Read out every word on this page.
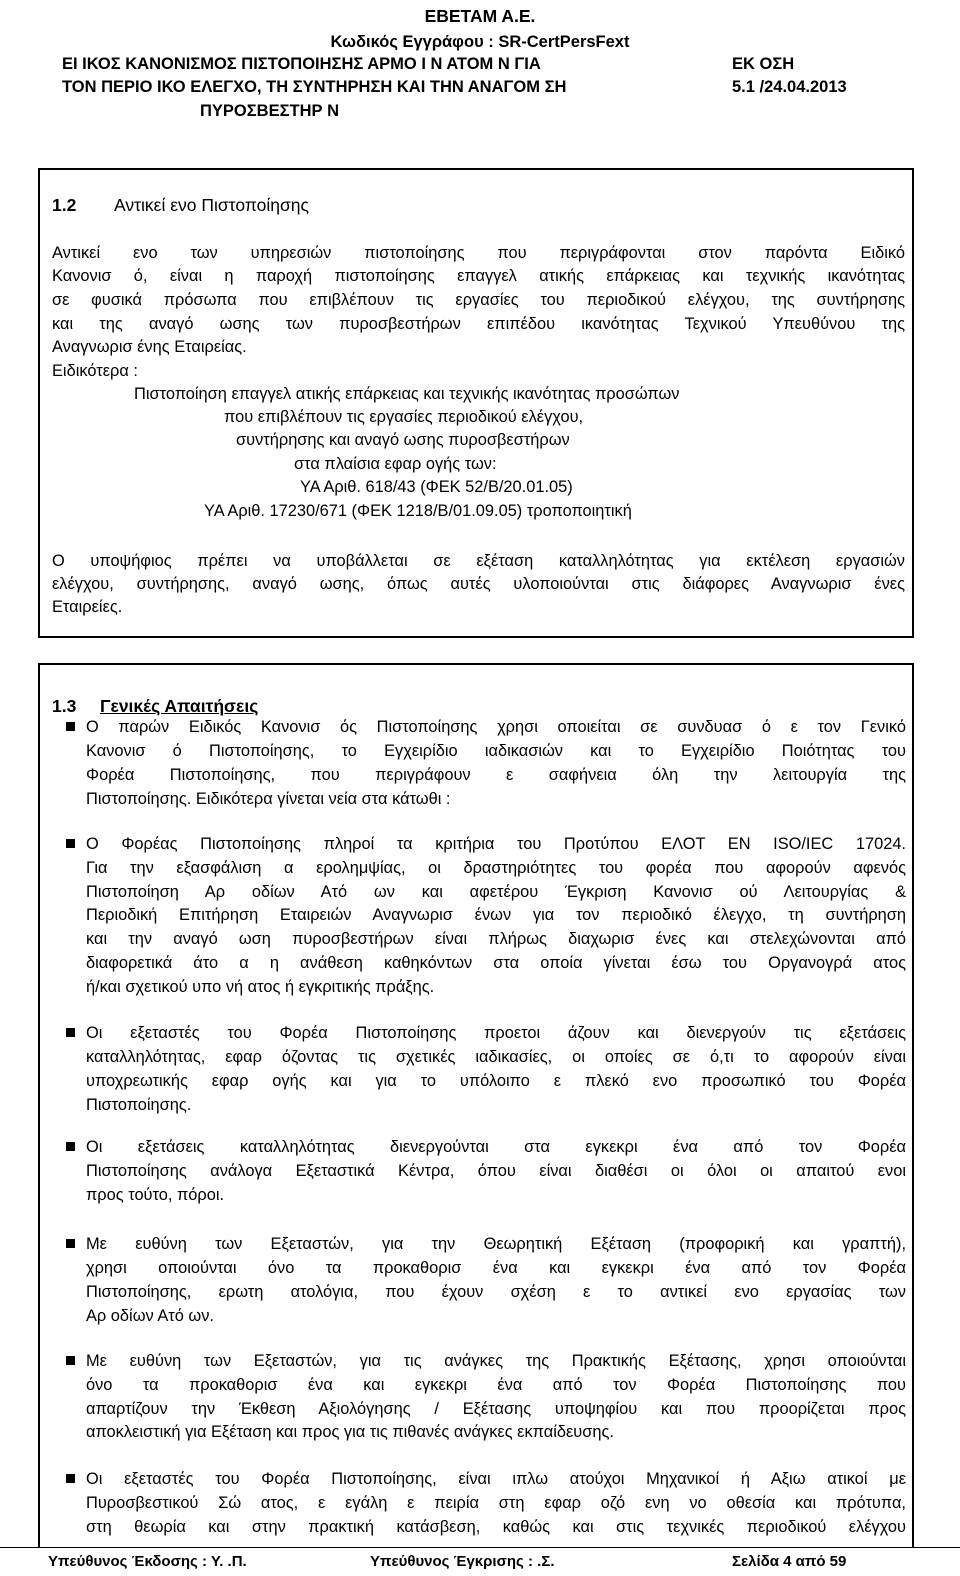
ΕΒΕΤΑΜ Α.Ε.
Κωδικός Εγγράφου : SR-CertPersFext
ΕΙ ΙΚΟΣ ΚΑΝΟΝΙΣΜΟΣ ΠΙΣΤΟΠΟΙΗΣΗΣ ΑΡΜΟ Ι Ν ΑΤΟΜ Ν ΓΙΑ
ΤΟΝ ΠΕΡΙΟ ΙΚΟ ΕΛΕΓΧΟ, ΤΗ ΣΥΝΤΗΡΗΣΗ ΚΑΙ ΤΗΝ ΑΝΑΓΟΜ ΣΗ
ΠΥΡΟΣΒΕΣΤΗΡ Ν
ΕΚ ΟΣΗ
5.1 /24.04.2013
1.2 Αντικεί ενο Πιστοποίησης
Αντικεί ενο των υπηρεσιών πιστοποίησης που περιγράφονται στον παρόντα Ειδικό
Κανονισ ό, είναι η παροχή πιστοποίησης επαγγελ ατικής επάρκειας και τεχνικής ικανότητας
σε φυσικά πρόσωπα που επιβλέπουν τις εργασίες του περιοδικού ελέγχου, της συντήρησης
και της αναγό ωσης των πυροσβεστήρων επιπέδου ικανότητας Τεχνικού Υπευθύνου της
Αναγνωρισ ένης Εταιρείας.
Ειδικότερα :
Πιστοποίηση επαγγελ ατικής επάρκειας και τεχνικής ικανότητας προσώπων
που επιβλέπουν τις εργασίες περιοδικού ελέγχου,
συντήρησης και αναγό ωσης πυροσβεστήρων
στα πλαίσια εφαρ ογής των:
ΥΑ Αριθ. 618/43 (ΦΕΚ 52/Β/20.01.05)
ΥΑ Αριθ. 17230/671 (ΦΕΚ 1218/Β/01.09.05) τροποποιητική
Ο υποψήφιος πρέπει να υποβάλλεται σε εξέταση καταλληλότητας για εκτέλεση εργασιών
ελέγχου, συντήρησης, αναγό ωσης, όπως αυτές υλοποιούνται στις διάφορες Αναγνωρισ ένες
Εταιρείες.
1.3 Γενικές Απαιτήσεις
Ο παρών Ειδικός Κανονισ ός Πιστοποίησης χρησι οποιείται σε συνδυασ ό ε τον Γενικό
Κανονισ ό Πιστοποίησης, το Εγχειρίδιο ιαδικασιών και το Εγχειρίδιο Ποιότητας του
Φορέα Πιστοποίησης, που περιγράφουν ε σαφήνεια όλη την λειτουργία της
Πιστοποίησης. Ειδικότερα γίνεται νεία στα κάτωθι :
Ο Φορέας Πιστοποίησης πληροί τα κριτήρια του Προτύπου ΕΛΟΤ ΕΝ ISO/IEC 17024.
Για την εξασφάλιση α ερολημψίας, οι δραστηριότητες του φορέα που αφορούν αφενός
Πιστοποίηση Αρ οδίων Ατό ων και αφετέρου Έγκριση Κανονισ ού Λειτουργίας &
Περιοδική Επιτήρηση Εταιρειών Αναγνωρισ ένων για τον περιοδικό έλεγχο, τη συντήρηση
και την αναγό ωση πυροσβεστήρων είναι πλήρως διαχωρισ ένες και στελεχώνονται από
διαφορετικά άτο α η ανάθεση καθηκόντων στα οποία γίνεται έσω του Οργανογρά ατος
ή/και σχετικού υπο νή ατος ή εγκριτικής πράξης.
Οι εξεταστές του Φορέα Πιστοποίησης προετοι άζουν και διενεργούν τις εξετάσεις
καταλληλότητας, εφαρ όζοντας τις σχετικές ιαδικασίες, οι οποίες σε ό,τι το αφορούν είναι
υποχρεωτικής εφαρ ογής και για το υπόλοιπο ε πλεκό ενο προσωπικό του Φορέα
Πιστοποίησης.
Οι εξετάσεις καταλληλότητας διενεργούνται στα εγκεκρι ένα από τον Φορέα
Πιστοποίησης ανάλογα Εξεταστικά Κέντρα, όπου είναι διαθέσι οι όλοι οι απαιτού ενοι
προς τούτο, πόροι.
Με ευθύνη των Εξεταστών, για την Θεωρητική Εξέταση (προφορική και γραπτή),
χρησι οποιούνται όνο τα προκαθορισ ένα και εγκεκρι ένα από τον Φορέα
Πιστοποίησης, ερωτη ατολόγια, που έχουν σχέση ε το αντικεί ενο εργασίας των
Αρ οδίων Ατό ων.
Με ευθύνη των Εξεταστών, για τις ανάγκες της Πρακτικής Εξέτασης, χρησι οποιούνται
όνο τα προκαθορισ ένα και εγκεκρι ένα από τον Φορέα Πιστοποίησης που
απαρτίζουν την Έκθεση Αξιολόγησης / Εξέτασης υποψηφίου και που προορίζεται προς
αποκλειστική για Εξέταση και προς για τις πιθανές ανάγκες εκπαίδευσης.
Οι εξεταστές του Φορέα Πιστοποίησης, είναι ιπλω ατούχοι Μηχανικοί ή Αξιω ατικοί με
Πυροσβεστικού Σώ ατος, ε εγάλη ε πειρία στη εφαρ οζό ενη νο οθεσία και πρότυπα,
στη θεωρία και στην πρακτική κατάσβεση, καθώς και στις τεχνικές περιοδικού ελέγχου
Υπεύθυνος Έκδοσης : Υ. .Π.	Υπεύθυνος Έγκρισης : .Σ.	Σελίδα 4 από 59
